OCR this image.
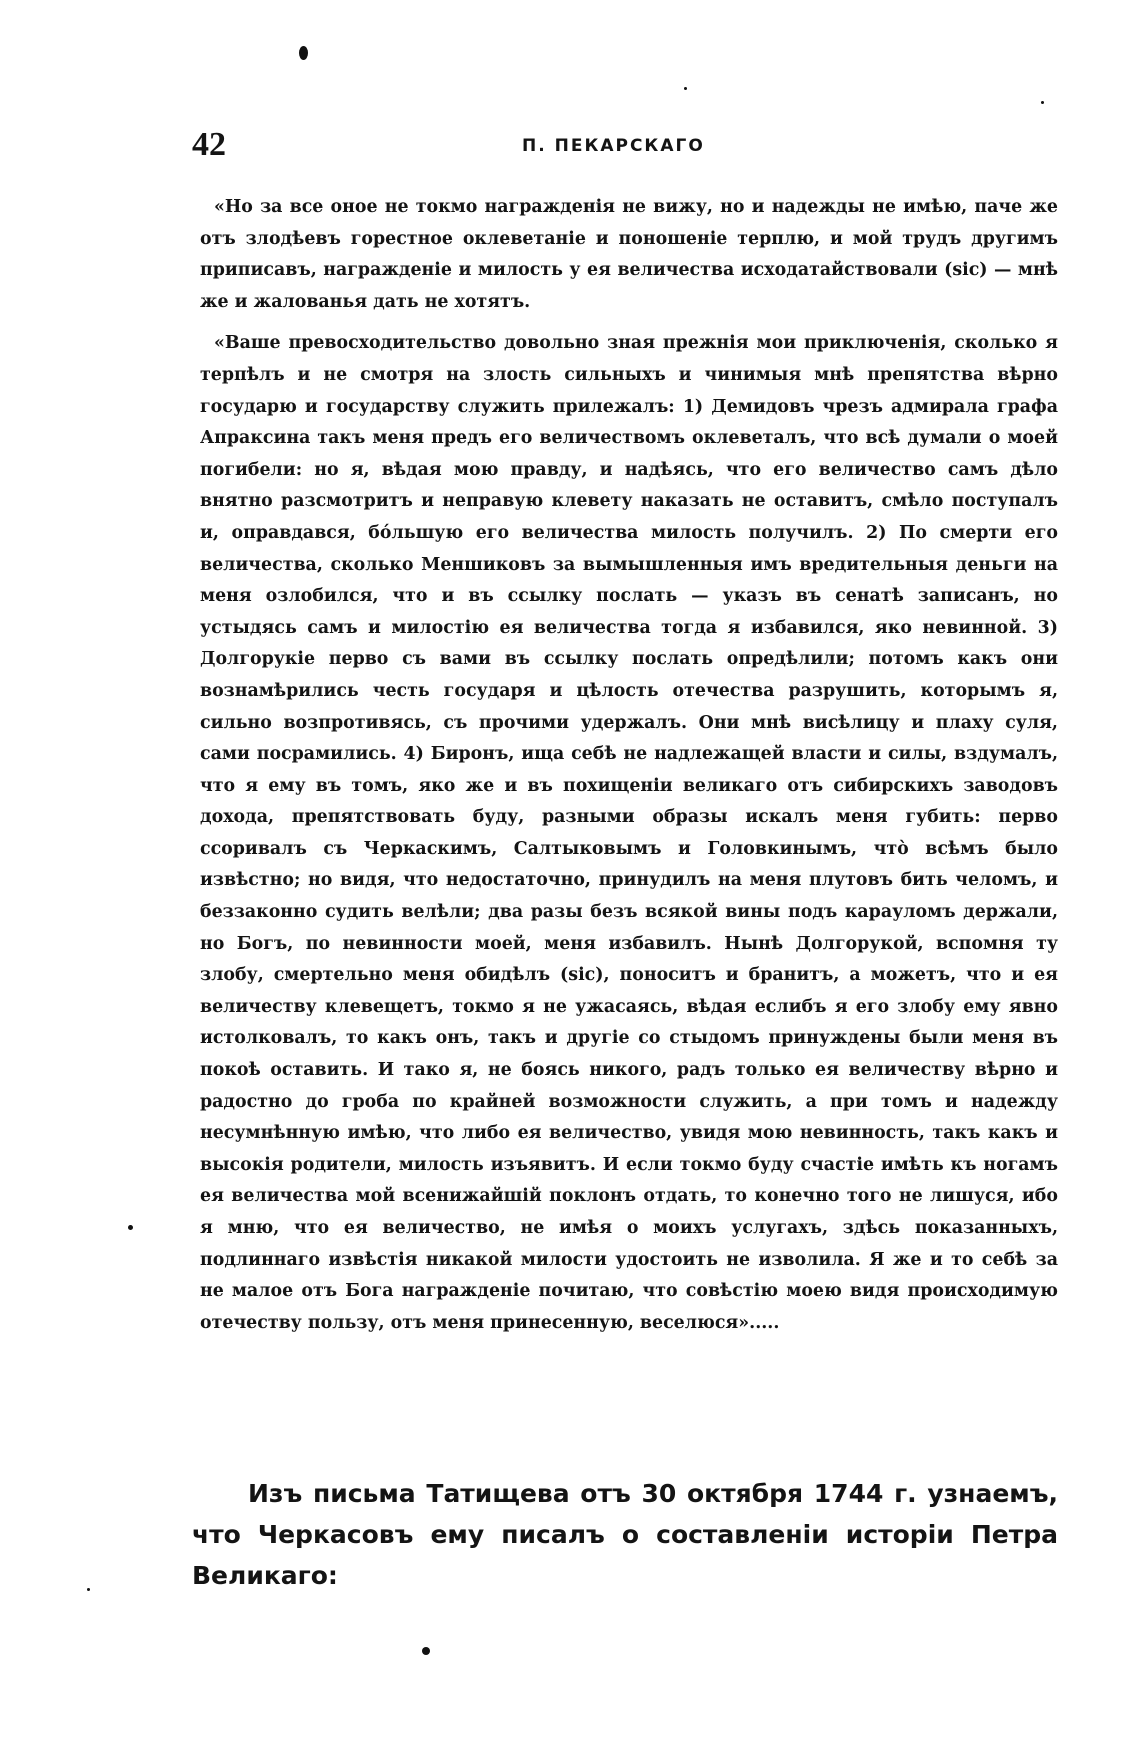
42	П. ПЕКАРСКАГО

«Но за все оное не токмо награжденія не вижу, но и надежды не имѣю, паче же отъ злодѣевъ горестное оклеветаніе и поношеніе терплю, и мой трудъ другимъ приписавъ, награжденіе и милость у ея величества исходатайствовали (sic) — мнѣ же и жалованья дать не хотятъ.

«Ваше превосходительство довольно зная прежнія мои приключенія, сколько я терпѣлъ и не смотря на злость сильныхъ и чинимыя мнѣ препятства вѣрно государю и государству служить прилежалъ: 1) Демидовъ чрезъ адмирала графа Апраксина такъ меня предъ его величествомъ оклеветалъ, что всѣ думали о моей погибели: но я, вѣдая мою правду, и надѣясь, что его величество самъ дѣло внятно разсмотритъ и неправую клевету наказать не оставитъ, смѣло поступалъ и, оправдався, бóльшую его величества милость получилъ. 2) По смерти его величества, сколько Меншиковъ за вымышленныя имъ вредительныя деньги на меня озлобился, что и въ ссылку послать — указъ въ сенатѣ записанъ, но устыдясь самъ и милостію ея величества тогда я избавился, яко невинной. 3) Долгорукіе перво съ вами въ ссылку послать опредѣлили; потомъ какъ они вознамѣрились честь государя и цѣлость отечества разрушить, которымъ я, сильно возпротивясь, съ прочими удержалъ. Они мнѣ висѣлицу и плаху суля, сами посрамились. 4) Биронъ, ища себѣ не надлежащей власти и силы, вздумалъ, что я ему въ томъ, яко же и въ похищеніи великаго отъ сибирскихъ заводовъ дохода, препятствовать буду, разными образы искалъ меня губить: перво ссоривалъ съ Черкаскимъ, Салтыковымъ и Головкинымъ, что̀ всѣмъ было извѣстно; но видя, что недостаточно, принудилъ на меня плутовъ бить челомъ, и беззаконно судить велѣли; два разы безъ всякой вины подъ карауломъ держали, но Богъ, по невинности моей, меня избавилъ. Нынѣ Долгорукой, вспомня ту злобу, смертельно меня обидѣлъ (sic), поноситъ и бранитъ, а можетъ, что и ея величеству клевещетъ, токмо я не ужасаясь, вѣдая еслибъ я его злобу ему явно истолковалъ, то какъ онъ, такъ и другіе со стыдомъ принуждены были меня въ покоѣ оставить. И тако я, не боясь никого, радъ только ея величеству вѣрно и радостно до гроба по крайней возможности служить, а при томъ и надежду несумнѣнную имѣю, что либо ея величество, увидя мою невинность, такъ какъ и высокія родители, милость изъявитъ. И если токмо буду счастіе имѣть къ ногамъ ея величества мой всенижайшій поклонъ отдать, то конечно того не лишуся, ибо я мню, что ея величество, не имѣя о моихъ услугахъ, здѣсь показанныхъ, подлиннаго извѣстія никакой милости удостоить не изволила. Я же и то себѣ за не малое отъ Бога награжденіе почитаю, что совѣстію моею видя происходимую отечеству пользу, отъ меня принесенную, веселюся».....

Изъ письма Татищева отъ 30 октября 1744 г. узнаемъ, что Черкасовъ ему писалъ о составленіи исторіи Петра Великаго:
